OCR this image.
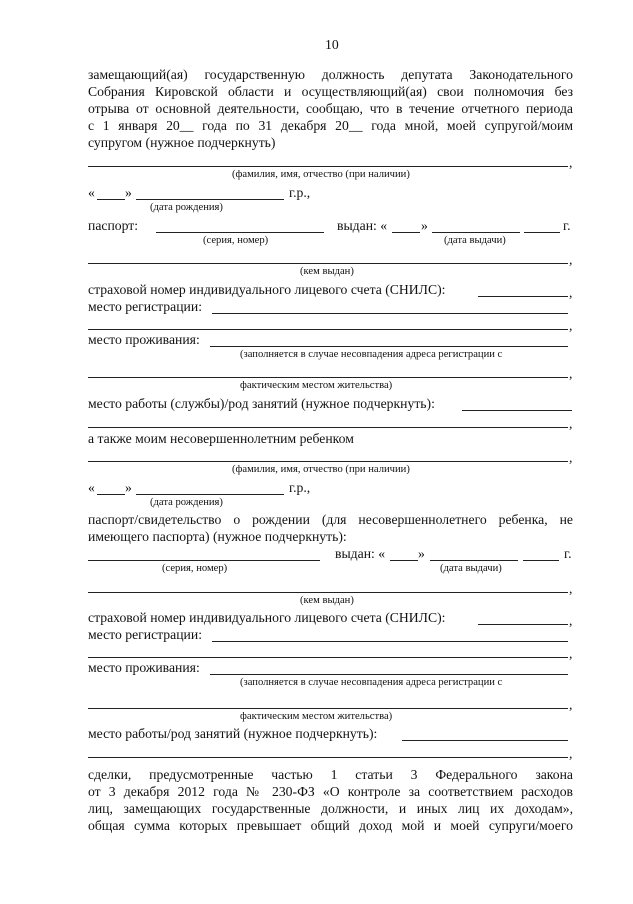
10
замещающий(ая) государственную должность депутата Законодательного
Собрания Кировской области и осуществляющий(ая) свои полномочия без
отрыва от основной деятельности, сообщаю, что в течение отчетного периода
с 1 января 20__ года по 31 декабря 20__ года мной, моей супругой/моим
супругом (нужное подчеркнуть)
,
(фамилия, имя, отчество (при наличии)
« »	г.р.,
(дата рождения)
паспорт:	выдан: « »	г.
(серия, номер)	(дата выдачи)
,
(кем выдан)
страховой номер индивидуального лицевого счета (СНИЛС):	,
место регистрации:
,
место проживания:
(заполняется в случае несовпадения адреса регистрации с
,
фактическим местом жительства)
место работы (службы)/род занятий (нужное подчеркнуть):
,
а также моим несовершеннолетним ребенком
,
(фамилия, имя, отчество (при наличии)
« »	г.р.,
(дата рождения)
паспорт/свидетельство о рождении (для несовершеннолетнего ребенка, не
имеющего паспорта) (нужное подчеркнуть):
выдан: « »	г.
(серия, номер)	(дата выдачи)
,
(кем выдан)
страховой номер индивидуального лицевого счета (СНИЛС):	,
место регистрации:
,
место проживания:
(заполняется в случае несовпадения адреса регистрации с
,
фактическим местом жительства)
место работы/род занятий (нужное подчеркнуть):
,
сделки, предусмотренные частью 1 статьи 3 Федерального закона
от 3 декабря 2012 года № 230-ФЗ «О контроле за соответствием расходов
лиц, замещающих государственные должности, и иных лиц их доходам»,
общая сумма которых превышает общий доход мой и моей супруги/моего
